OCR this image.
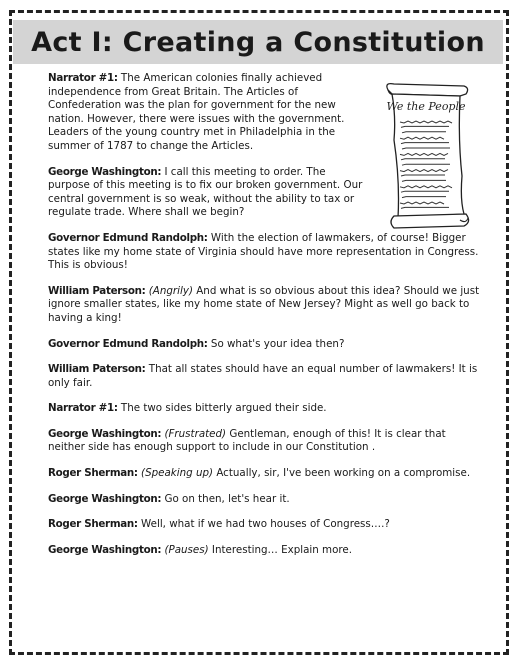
Act I: Creating a Constitution
We the People

Narrator #1: The American colonies finally achieved independence from Great Britain. The Articles of Confederation was the plan for government for the new nation. However, there were issues with the government. Leaders of the young country met in Philadelphia in the summer of 1787 to change the Articles.

George Washington: I call this meeting to order. The purpose of this meeting is to fix our broken government. Our central government is so weak, without the ability to tax or regulate trade. Where shall we begin?

Governor Edmund Randolph: With the election of lawmakers, of course! Bigger states like my home state of Virginia should have more representation in Congress. This is obvious!

William Paterson: (Angrily) And what is so obvious about this idea? Should we just ignore smaller states, like my home state of New Jersey? Might as well go back to having a king!

Governor Edmund Randolph: So what's your idea then?

William Paterson: That all states should have an equal number of lawmakers! It is only fair.

Narrator #1: The two sides bitterly argued their side.

George Washington: (Frustrated) Gentleman, enough of this! It is clear that neither side has enough support to include in our Constitution .

Roger Sherman: (Speaking up) Actually, sir, I've been working on a compromise.

George Washington: Go on then, let's hear it.

Roger Sherman: Well, what if we had two houses of Congress….?

George Washington: (Pauses) Interesting… Explain more.
